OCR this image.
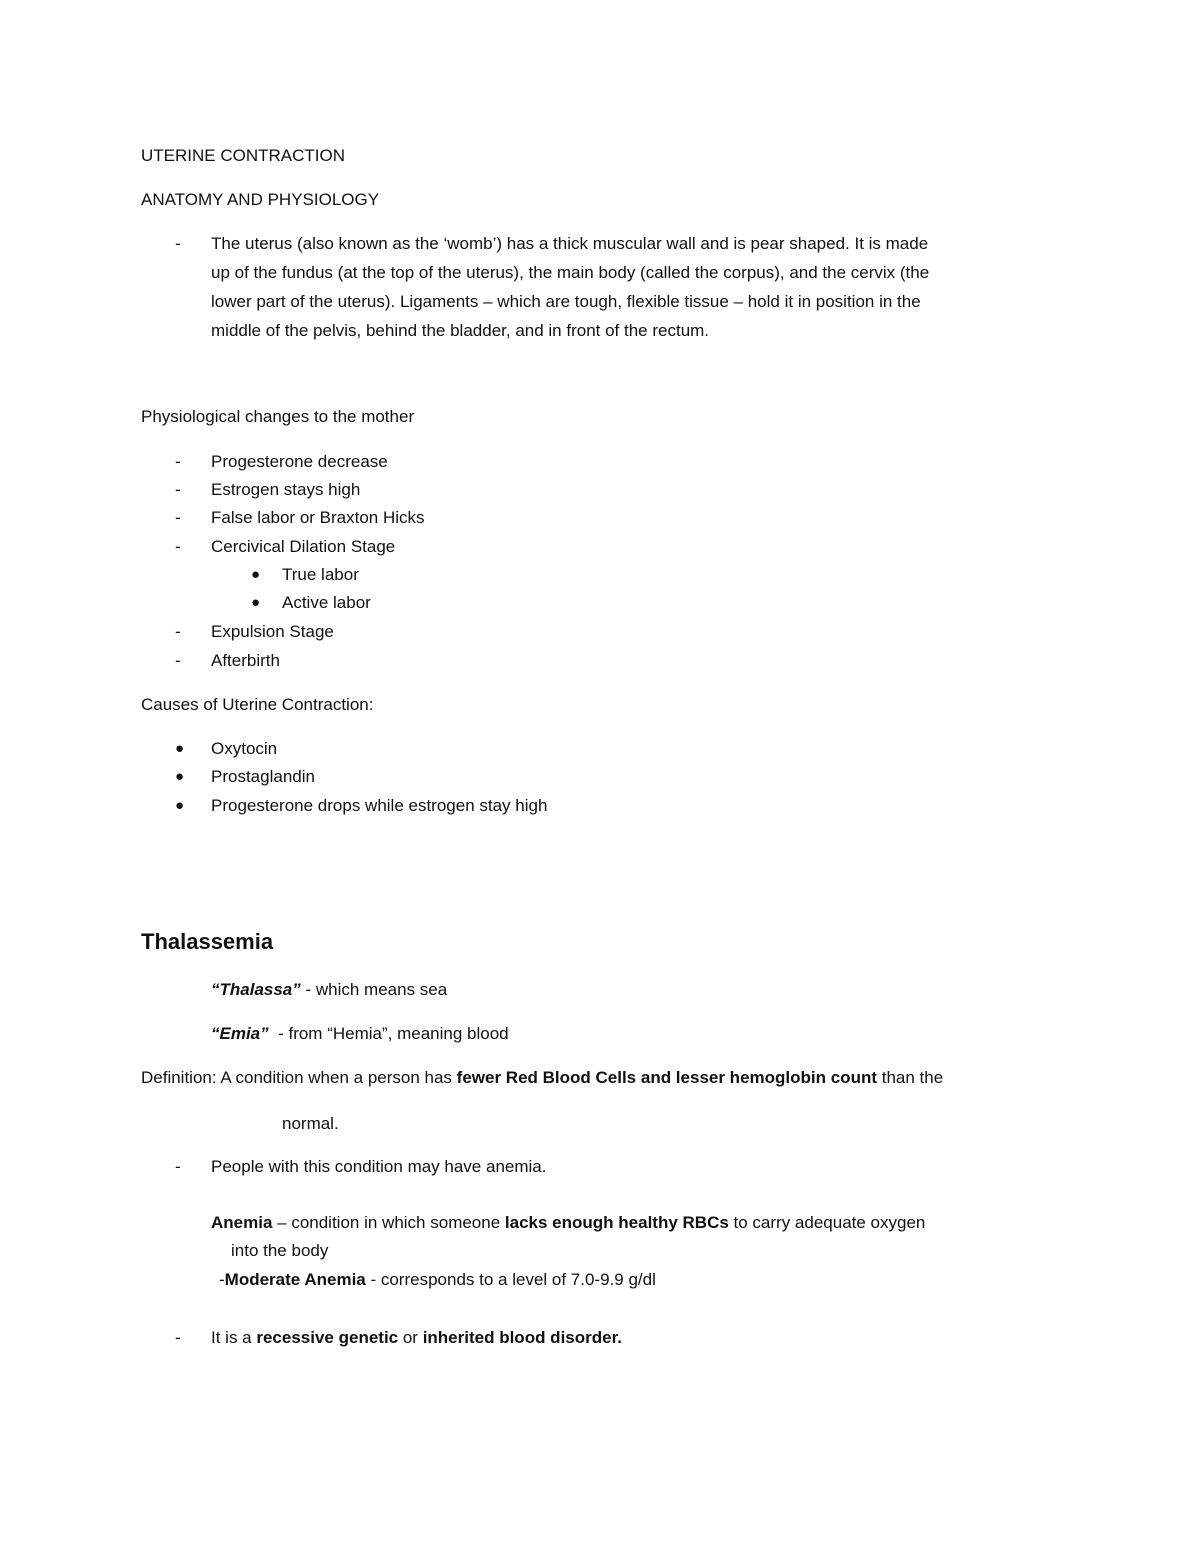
UTERINE CONTRACTION
ANATOMY AND PHYSIOLOGY
- The uterus (also known as the ‘womb’) has a thick muscular wall and is pear shaped. It is made
up of the fundus (at the top of the uterus), the main body (called the corpus), and the cervix (the
lower part of the uterus). Ligaments – which are tough, flexible tissue – hold it in position in the
middle of the pelvis, behind the bladder, and in front of the rectum.
Physiological changes to the mother
- Progesterone decrease
- Estrogen stays high
- False labor or Braxton Hicks
- Cercivical Dilation Stage
● True labor
● Active labor
- Expulsion Stage
- Afterbirth
Causes of Uterine Contraction:
● Oxytocin
● Prostaglandin
● Progesterone drops while estrogen stay high
Thalassemia
“Thalassa” - which means sea
“Emia”  - from “Hemia”, meaning blood
Definition: A condition when a person has fewer Red Blood Cells and lesser hemoglobin count than the
normal.
- People with this condition may have anemia.
Anemia – condition in which someone lacks enough healthy RBCs to carry adequate oxygen
into the body
-Moderate Anemia - corresponds to a level of 7.0-9.9 g/dl
- It is a recessive genetic or inherited blood disorder.
